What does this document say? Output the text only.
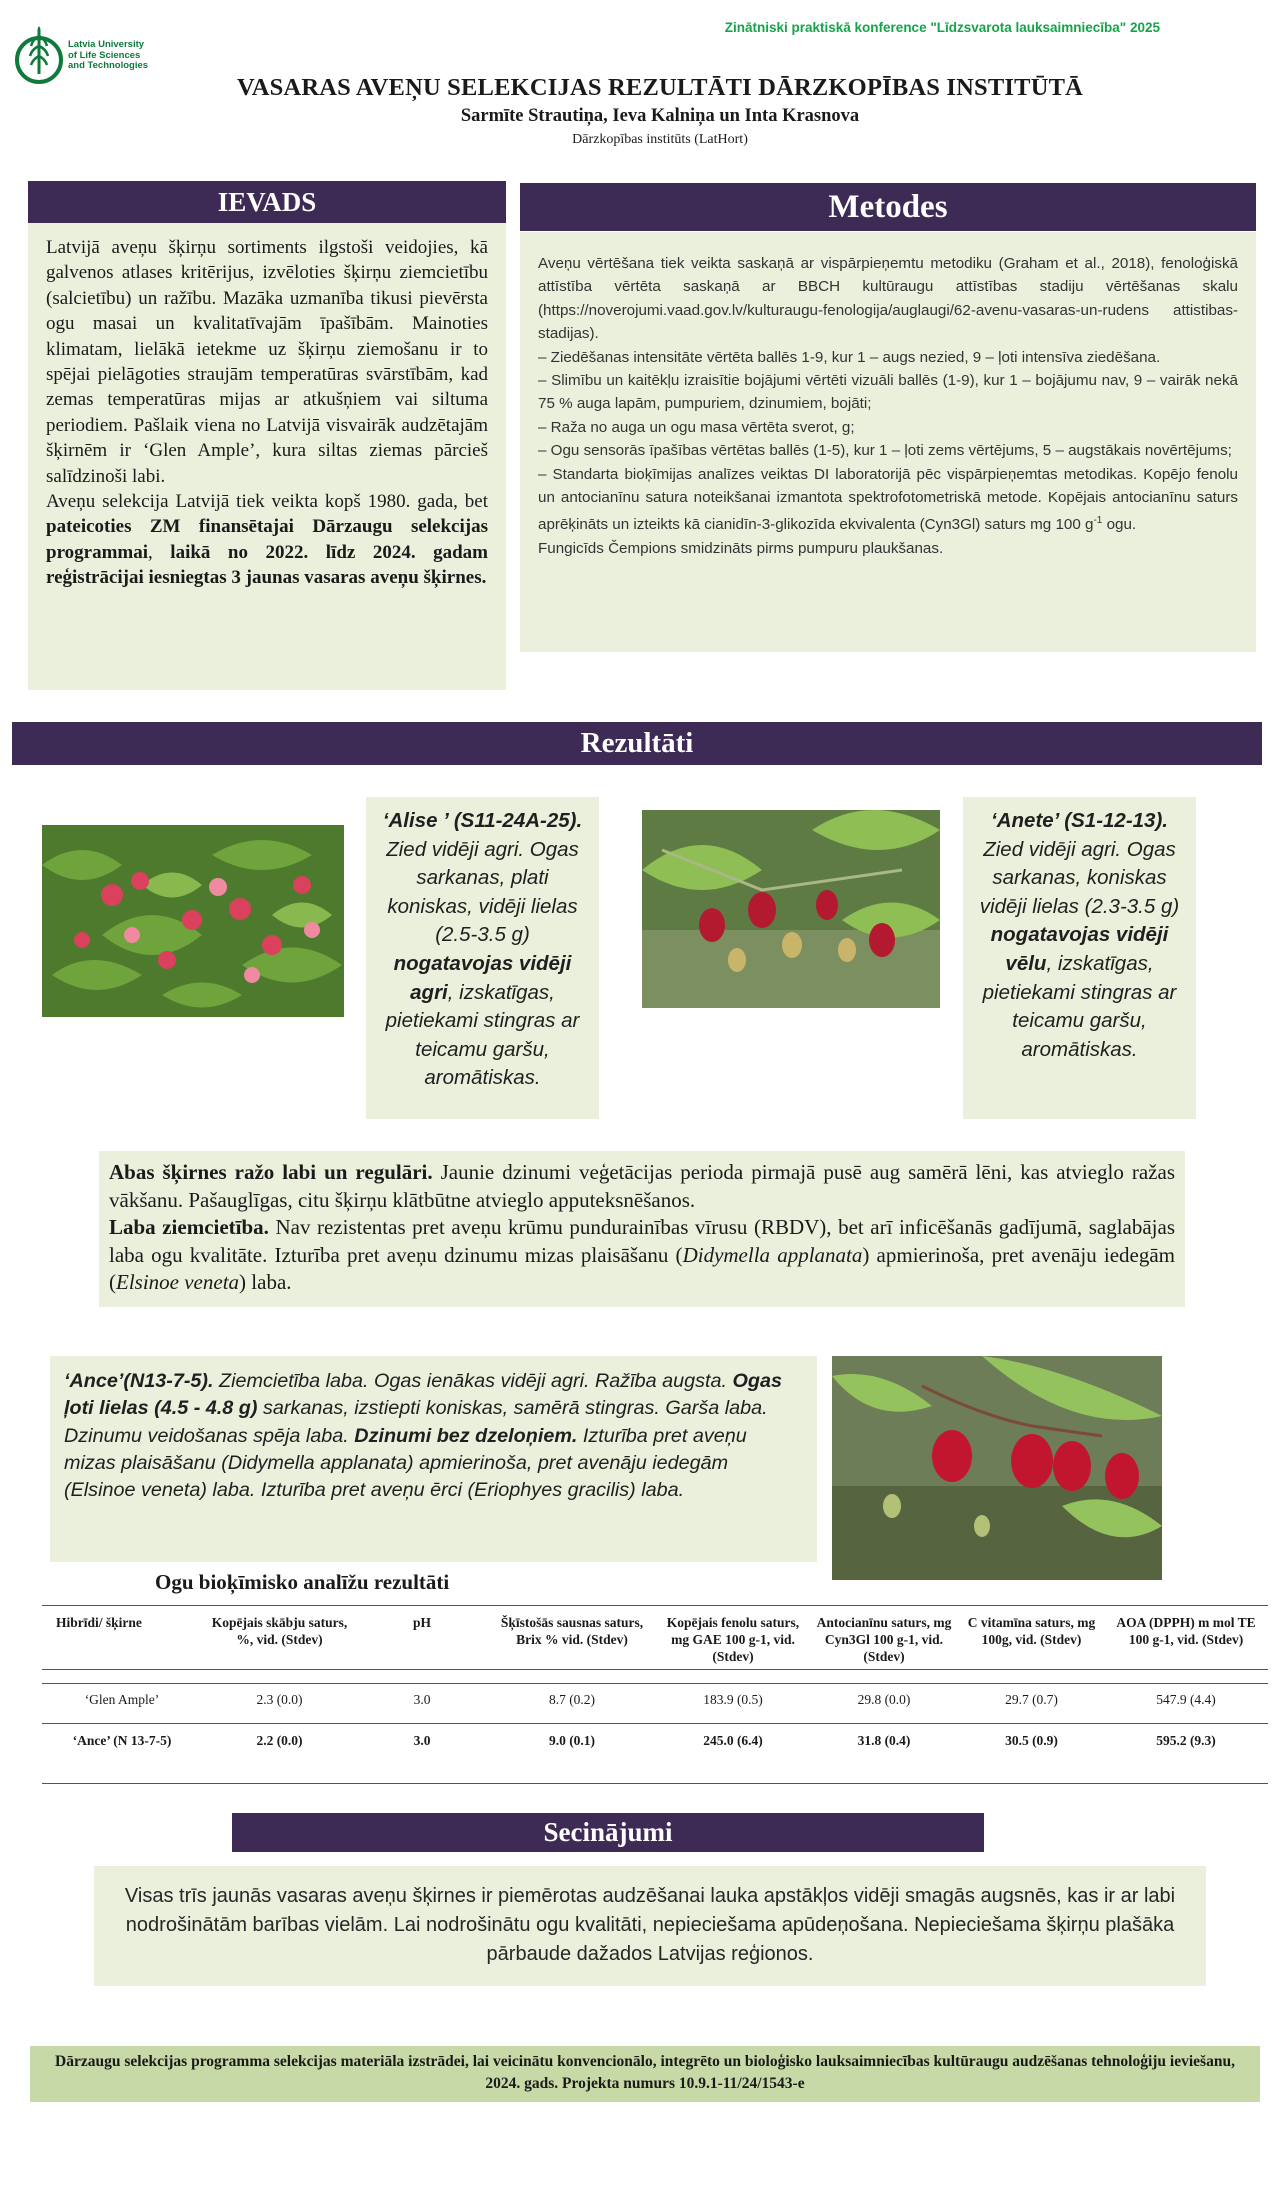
Latvia University
of Life Sciences
and Technologies
Zinātniski praktiskā konference "Līdzsvarota lauksaimniecība" 2025
VASARAS AVEŅU SELEKCIJAS REZULTĀTI DĀRZKOPĪBAS INSTITŪTĀ
Sarmīte Strautiņa, Ieva Kalniņa un Inta Krasnova
Dārzkopības institūts (LatHort)
IEVADS

Latvijā aveņu šķirņu sortiments ilgstoši veidojies, kā galvenos atlases kritērijus, izvēloties šķirņu ziemcietību (salcietību) un ražību. Mazāka uzmanība tikusi pievērsta ogu masai un kvalitatīvajām īpašībām. Mainoties klimatam, lielākā ietekme uz šķirņu ziemošanu ir to spējai pielāgoties straujām temperatūras svārstībām, kad zemas temperatūras mijas ar atkušņiem vai siltuma periodiem. Pašlaik viena no Latvijā visvairāk audzētajām šķirnēm ir ‘Glen Ample’, kura siltas ziemas pārcieš salīdzinoši labi.

Aveņu selekcija Latvijā tiek veikta kopš 1980. gada, bet pateicoties ZM finansētajai Dārzaugu selekcijas programmai, laikā no 2022. līdz 2024. gadam reģistrācijai iesniegtas 3 jaunas vasaras aveņu šķirnes.

Metodes
Aveņu vērtēšana tiek veikta saskaņā ar vispārpieņemtu metodiku (Graham et al., 2018), fenoloģiskā attīstība vērtēta saskaņā ar BBCH kultūraugu attīstības stadiju vērtēšanas skalu (https://noverojumi.vaad.gov.lv/kulturaugu-fenologija/auglaugi/62-avenu-vasaras-un-rudens attistibas-stadijas).
– Ziedēšanas intensitāte vērtēta ballēs 1-9, kur 1 – augs nezied, 9 – ļoti intensīva ziedēšana.
– Slimību un kaitēkļu izraisītie bojājumi vērtēti vizuāli ballēs (1-9), kur 1 – bojājumu nav, 9 – vairāk nekā 75 % auga lapām, pumpuriem, dzinumiem, bojāti;
– Raža no auga un ogu masa vērtēta sverot, g;
– Ogu sensorās īpašības vērtētas ballēs (1-5), kur 1 – ļoti zems vērtējums, 5 – augstākais novērtējums;
– Standarta bioķīmijas analīzes veiktas DI laboratorijā pēc vispārpieņemtas metodikas. Kopējo fenolu un antocianīnu satura noteikšanai izmantota spektrofotometriskā metode. Kopējais antocianīnu saturs aprēķināts un izteikts kā cianidīn-3-glikozīda ekvivalenta (Cyn3Gl) saturs mg 100 $g^{-1}$ ogu.
Fungicīds Čempions smidzināts pirms pumpuru plaukšanas.
Rezultāti
‘Alise ’ (S11-24A-25). Zied vidēji agri. Ogas sarkanas, plati koniskas, vidēji lielas (2.5-3.5 g) nogatavojas vidēji agri, izskatīgas, pietiekami stingras ar teicamu garšu, aromātiskas.
‘Anete’ (S1-12-13). Zied vidēji agri. Ogas sarkanas, koniskas vidēji lielas (2.3-3.5 g) nogatavojas vidēji vēlu, izskatīgas, pietiekami stingras ar teicamu garšu, aromātiskas.
Abas šķirnes ražo labi un regulāri. Jaunie dzinumi veģetācijas perioda pirmajā pusē aug samērā lēni, kas atvieglo ražas vākšanu. Pašauglīgas, citu šķirņu klātbūtne atvieglo apputeksnēšanos.
Laba ziemcietība. Nav rezistentas pret aveņu krūmu pundurainības vīrusu (RBDV), bet arī inficēšanās gadījumā, saglabājas laba ogu kvalitāte. Izturība pret aveņu dzinumu mizas plaisāšanu (Didymella applanata) apmierinoša, pret avenāju iedegām (Elsinoe veneta) laba.
‘Ance’(N13-7-5). Ziemcietība laba. Ogas ienākas vidēji agri. Ražība augsta. Ogas ļoti lielas (4.5 - 4.8 g) sarkanas, izstiepti koniskas, samērā stingras. Garša laba. Dzinumu veidošanas spēja laba. Dzinumi bez dzeloņiem. Izturība pret aveņu mizas plaisāšanu (Didymella applanata) apmierinoša, pret avenāju iedegām (Elsinoe veneta) laba. Izturība pret aveņu ērci (Eriophyes gracilis) laba.
Ogu bioķīmisko analīžu rezultāti
Hibrīdi/ šķirne	Kopējais skābju saturs, %, vid. (Stdev)	pH	Šķīstošās sausnas saturs, Brix % vid. (Stdev)	Kopējais fenolu saturs, mg GAE 100 g-1, vid. (Stdev)	Antocianīnu saturs, mg Cyn3Gl 100 g-1, vid. (Stdev)	C vitamīna saturs, mg 100g, vid. (Stdev)	AOA (DPPH) m mol TE 100 g-1, vid. (Stdev)

‘Glen Ample’	2.3 (0.0)	3.0	8.7 (0.2)	183.9 (0.5)	29.8 (0.0)	29.7 (0.7)	547.9 (4.4)
‘Ance’ (N 13-7-5)	2.2 (0.0)	3.0	9.0 (0.1)	245.0 (6.4)	31.8 (0.4)	30.5 (0.9)	595.2 (9.3)
Secinājumi
Visas trīs jaunās vasaras aveņu šķirnes ir piemērotas audzēšanai lauka apstākļos vidēji smagās augsnēs, kas ir ar labi nodrošinātām barības vielām. Lai nodrošinātu ogu kvalitāti, nepieciešama apūdeņošana. Nepieciešama šķirņu plašāka pārbaude dažados Latvijas reģionos.
Dārzaugu selekcijas programma selekcijas materiāla izstrādei, lai veicinātu konvencionālo, integrēto un bioloģisko lauksaimniecības kultūraugu audzēšanas tehnoloģiju ieviešanu, 2024. gads. Projekta numurs 10.9.1-11/24/1543-e
